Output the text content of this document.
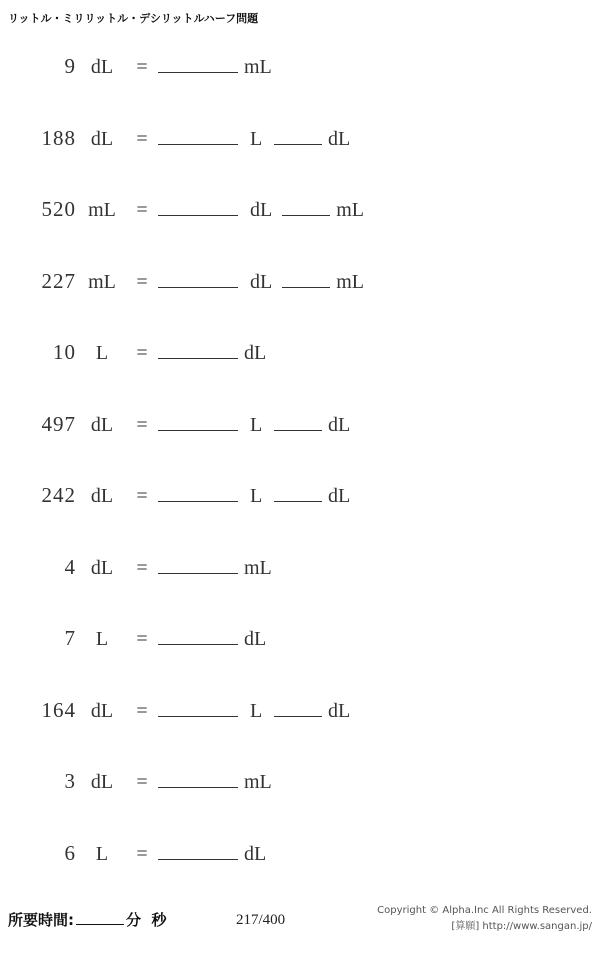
リットル・ミリリットル・デシリットルハーフ問題
9 dL	=	mL
188 dL	=	L	dL
520 mL	=	dL	mL
227 mL	=	dL	mL
10 L	=	dL
497 dL	=	L	dL
242 dL	=	L	dL
4 dL	=	mL
7 L	=	dL
164 dL	=	L	dL
3 dL	=	mL
6 L	=	dL
所要時間:	分 秒	217/400
Copyright © Alpha.Inc All Rights Reserved.
[算願] http://www.sangan.jp/
